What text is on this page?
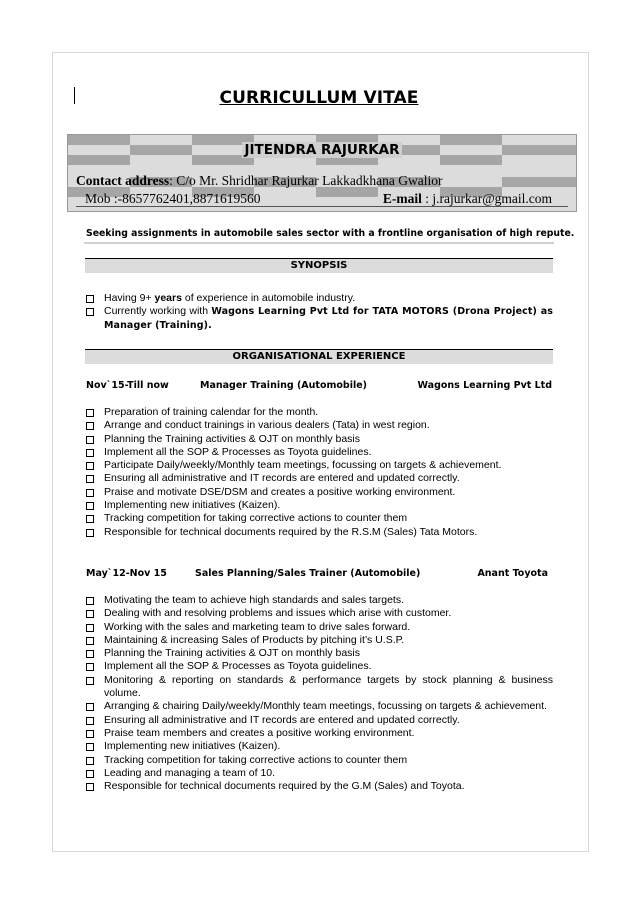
CURRICULLUM VITAE
JITENDRA RAJURKAR
Contact address: C/o Mr. Shridhar Rajurkar Lakkadkhana Gwalior
Mob :-8657762401,8871619560	E-mail : j.rajurkar@gmail.com
Seeking assignments in automobile sales sector with a frontline organisation of high repute.
SYNOPSIS
Having 9+ years of experience in automobile industry.
Currently working with Wagons Learning Pvt Ltd for TATA MOTORS (Drona Project) as Manager (Training).
ORGANISATIONAL EXPERIENCE
Nov`15-Till now	Manager Training (Automobile)	Wagons Learning Pvt Ltd
Preparation of training calendar for the month.
Arrange and conduct trainings in various dealers (Tata) in west region.
Planning the Training activities & OJT on monthly basis
Implement all the SOP & Processes as Toyota guidelines.
Participate Daily/weekly/Monthly team meetings, focussing on targets & achievement.
Ensuring all administrative and IT records are entered and updated correctly.
Praise and motivate DSE/DSM and creates a positive working environment.
Implementing new initiatives (Kaizen).
Tracking competition for taking corrective actions to counter them
Responsible for technical documents required by the R.S.M (Sales) Tata Motors.
May`12-Nov 15	Sales Planning/Sales Trainer (Automobile)	Anant Toyota
Motivating the team to achieve high standards and sales targets.
Dealing with and resolving problems and issues which arise with customer.
Working with the sales and marketing team to drive sales forward.
Maintaining & increasing Sales of Products by pitching it’s U.S.P.
Planning the Training activities & OJT on monthly basis
Implement all the SOP & Processes as Toyota guidelines.
Monitoring & reporting on standards & performance targets by stock planning & business volume.
Arranging & chairing Daily/weekly/Monthly team meetings, focussing on targets & achievement.
Ensuring all administrative and IT records are entered and updated correctly.
Praise team members and creates a positive working environment.
Implementing new initiatives (Kaizen).
Tracking competition for taking corrective actions to counter them
Leading and managing a team of 10.
Responsible for technical documents required by the G.M (Sales) and Toyota.
